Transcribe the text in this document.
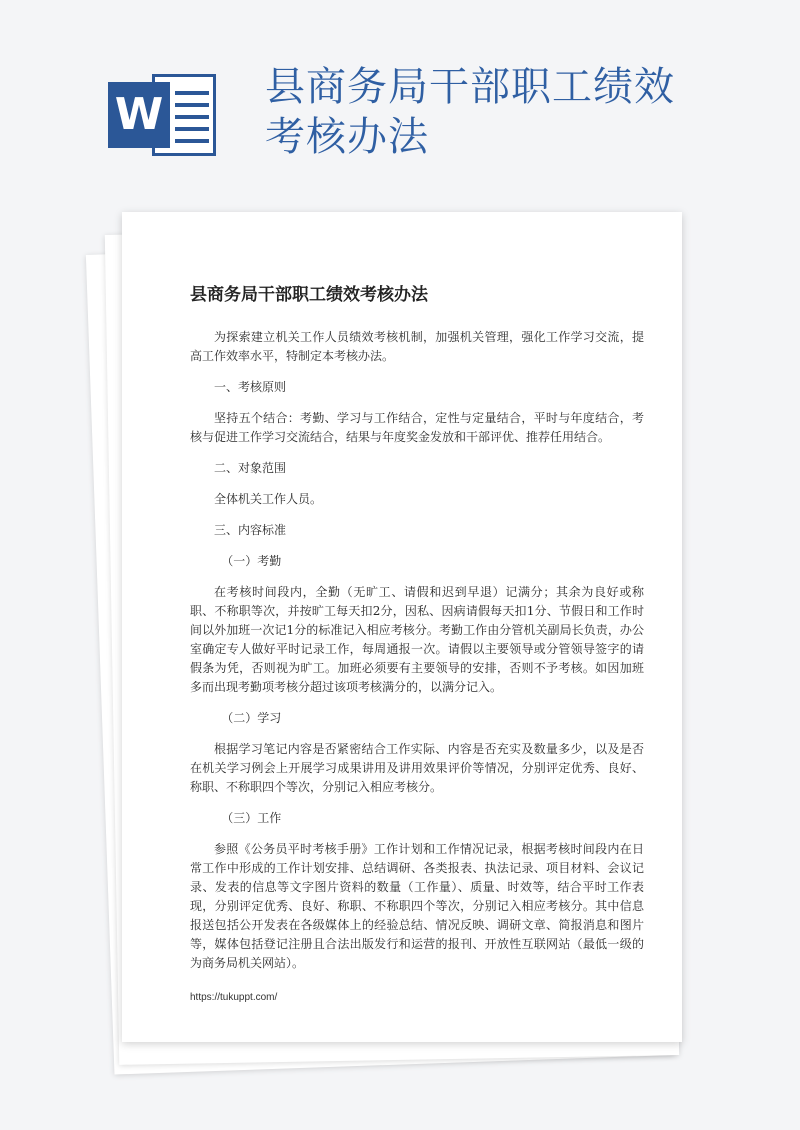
W
县商务局干部职工绩效考核办法
县商务局干部职工绩效考核办法

为探索建立机关工作人员绩效考核机制，加强机关管理，强化工作学习交流，提高工作效率水平，特制定本考核办法。

一、考核原则

坚持五个结合：考勤、学习与工作结合，定性与定量结合，平时与年度结合，考核与促进工作学习交流结合，结果与年度奖金发放和干部评优、推荐任用结合。

二、对象范围

全体机关工作人员。

三、内容标准

（一）考勤

在考核时间段内，全勤（无旷工、请假和迟到早退）记满分；其余为良好或称职、不称职等次，并按旷工每天扣2分，因私、因病请假每天扣1分、节假日和工作时间以外加班一次记1分的标准记入相应考核分。考勤工作由分管机关副局长负责，办公室确定专人做好平时记录工作，每周通报一次。请假以主要领导或分管领导签字的请假条为凭，否则视为旷工。加班必须要有主要领导的安排，否则不予考核。如因加班多而出现考勤项考核分超过该项考核满分的，以满分记入。

（二）学习

根据学习笔记内容是否紧密结合工作实际、内容是否充实及数量多少，以及是否在机关学习例会上开展学习成果讲用及讲用效果评价等情况，分别评定优秀、良好、称职、不称职四个等次，分别记入相应考核分。

（三）工作

参照《公务员平时考核手册》工作计划和工作情况记录，根据考核时间段内在日常工作中形成的工作计划安排、总结调研、各类报表、执法记录、项目材料、会议记录、发表的信息等文字图片资料的数量（工作量）、质量、时效等，结合平时工作表现，分别评定优秀、良好、称职、不称职四个等次，分别记入相应考核分。其中信息报送包括公开发表在各级媒体上的经验总结、情况反映、调研文章、简报消息和图片等，媒体包括登记注册且合法出版发行和运营的报刊、开放性互联网站（最低一级的为商务局机关网站）。

https://tukuppt.com/
